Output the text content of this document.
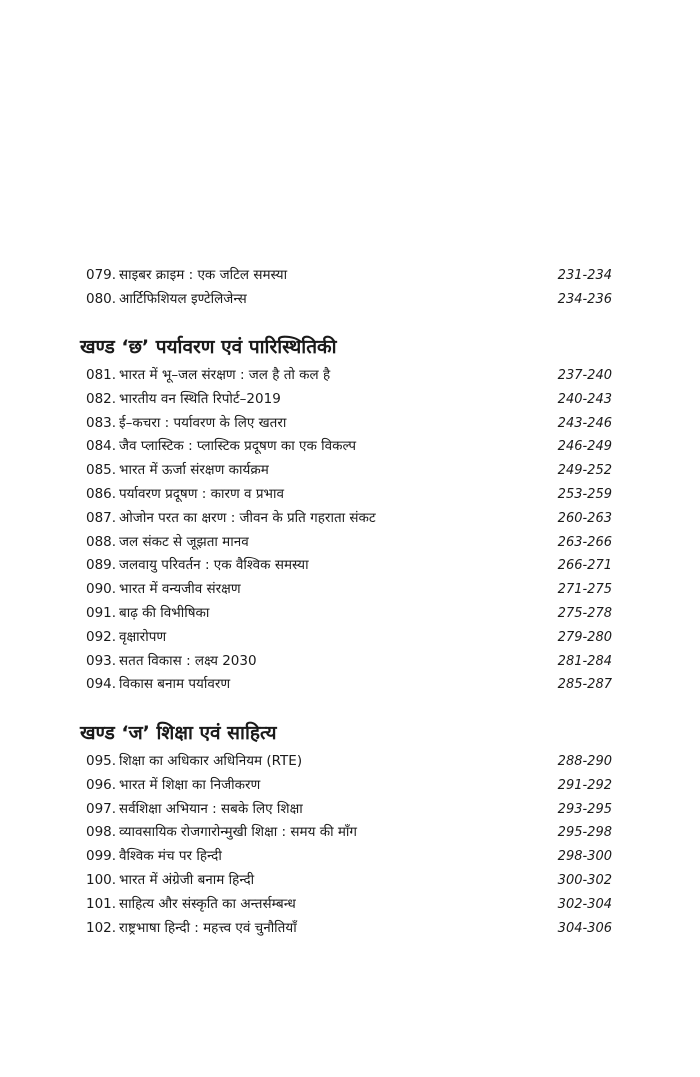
079. साइबर क्राइम : एक जटिल समस्या	231-234
080. आर्टिफिशियल इण्टेलिजेन्स	234-236
खण्ड ‘छ’ पर्यावरण एवं पारिस्थितिकी
081. भारत में भू–जल संरक्षण : जल है तो कल है	237-240
082. भारतीय वन स्थिति रिपोर्ट–2019	240-243
083. ई–कचरा : पर्यावरण के लिए खतरा	243-246
084. जैव प्लास्टिक : प्लास्टिक प्रदूषण का एक विकल्प	246-249
085. भारत में ऊर्जा संरक्षण कार्यक्रम	249-252
086. पर्यावरण प्रदूषण : कारण व प्रभाव	253-259
087. ओजोन परत का क्षरण : जीवन के प्रति गहराता संकट	260-263
088. जल संकट से जूझता मानव	263-266
089. जलवायु परिवर्तन : एक वैश्विक समस्या	266-271
090. भारत में वन्यजीव संरक्षण	271-275
091. बाढ़ की विभीषिका	275-278
092. वृक्षारोपण	279-280
093. सतत विकास : लक्ष्य 2030	281-284
094. विकास बनाम पर्यावरण	285-287
खण्ड ‘ज’ शिक्षा एवं साहित्य
095. शिक्षा का अधिकार अधिनियम (RTE)	288-290
096. भारत में शिक्षा का निजीकरण	291-292
097. सर्वशिक्षा अभियान : सबके लिए शिक्षा	293-295
098. व्यावसायिक रोजगारोन्मुखी शिक्षा : समय की माँग	295-298
099. वैश्विक मंच पर हिन्दी	298-300
100. भारत में अंग्रेजी बनाम हिन्दी	300-302
101. साहित्य और संस्कृति का अन्तर्सम्बन्ध	302-304
102. राष्ट्रभाषा हिन्दी : महत्त्व एवं चुनौतियाँ	304-306
